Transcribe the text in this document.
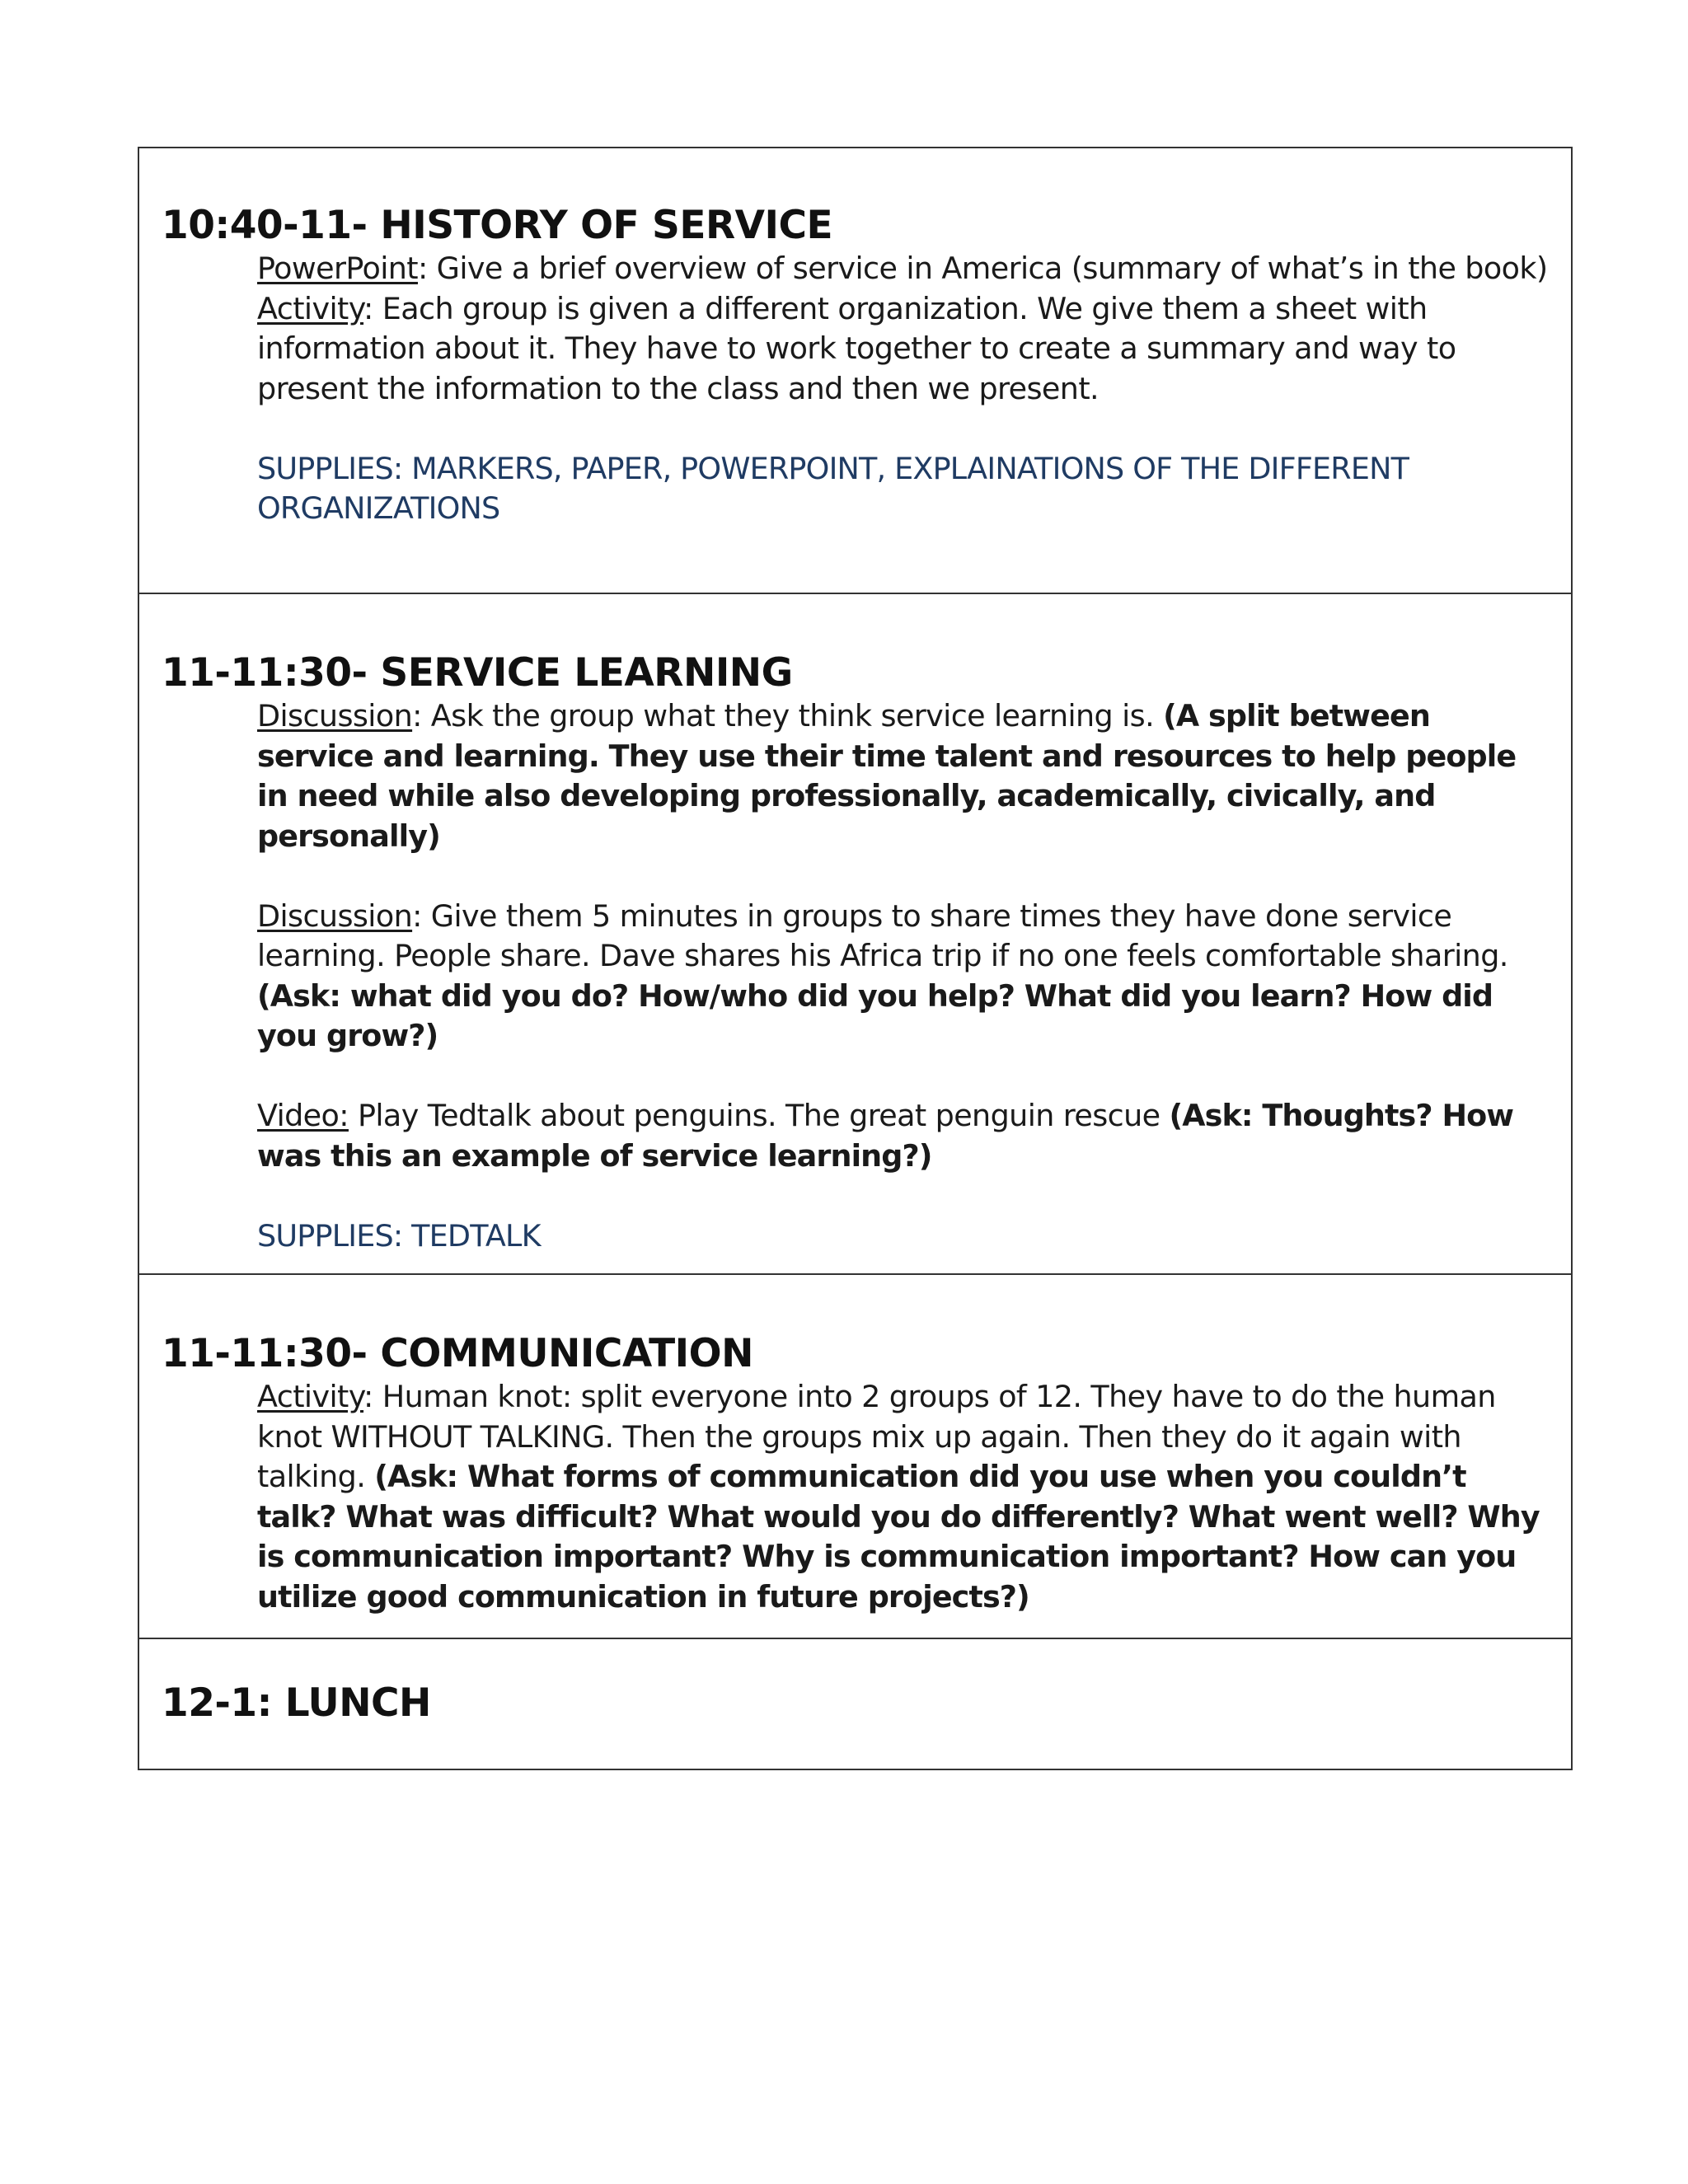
10:40-11- HISTORY OF SERVICE

PowerPoint: Give a brief overview of service in America (summary of what’s in the book)

Activity: Each group is given a different organization. We give them a sheet with information about it. They have to work together to create a summary and way to present the information to the class and then we present.

SUPPLIES: MARKERS, PAPER, POWERPOINT, EXPLAINATIONS OF THE DIFFERENT ORGANIZATIONS

11-11:30- SERVICE LEARNING

Discussion: Ask the group what they think service learning is. (A split between service and learning. They use their time talent and resources to help people in need while also developing professionally, academically, civically, and personally)

Discussion: Give them 5 minutes in groups to share times they have done service learning. People share. Dave shares his Africa trip if no one feels comfortable sharing. (Ask: what did you do? How/who did you help? What did you learn? How did you grow?)

Video: Play Tedtalk about penguins. The great penguin rescue (Ask: Thoughts? How was this an example of service learning?)

SUPPLIES: TEDTALK

11-11:30- COMMUNICATION

Activity: Human knot: split everyone into 2 groups of 12. They have to do the human knot WITHOUT TALKING. Then the groups mix up again. Then they do it again with talking. (Ask: What forms of communication did you use when you couldn’t talk? What was difficult? What would you do differently? What went well? Why is communication important? Why is communication important? How can you utilize good communication in future projects?)

12-1: LUNCH
